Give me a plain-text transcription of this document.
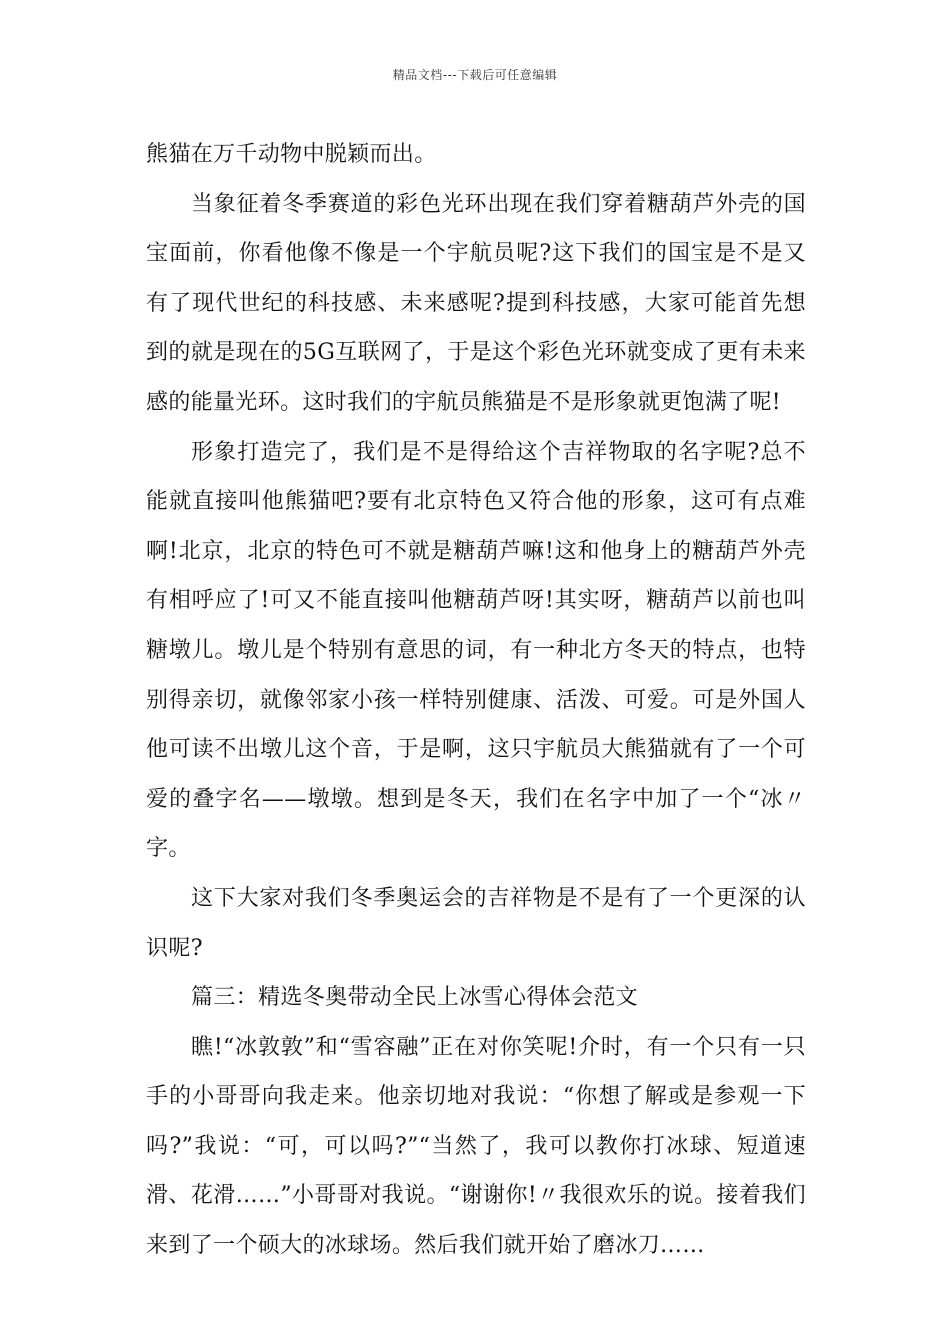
精品文档---下载后可任意编辑

熊猫在万千动物中脱颖而出。

当象征着冬季赛道的彩色光环出现在我们穿着糖葫芦外壳的国宝面前，你看他像不像是一个宇航员呢?这下我们的国宝是不是又有了现代世纪的科技感、未来感呢?提到科技感，大家可能首先想到的就是现在的5G互联网了，于是这个彩色光环就变成了更有未来感的能量光环。这时我们的宇航员熊猫是不是形象就更饱满了呢!

形象打造完了，我们是不是得给这个吉祥物取的名字呢?总不能就直接叫他熊猫吧?要有北京特色又符合他的形象，这可有点难啊!北京，北京的特色可不就是糖葫芦嘛!这和他身上的糖葫芦外壳有相呼应了!可又不能直接叫他糖葫芦呀!其实呀，糖葫芦以前也叫糖墩儿。墩儿是个特别有意思的词，有一种北方冬天的特点，也特别得亲切，就像邻家小孩一样特别健康、活泼、可爱。可是外国人他可读不出墩儿这个音，于是啊，这只宇航员大熊猫就有了一个可爱的叠字名——墩墩。想到是冬天，我们在名字中加了一个“冰〃字。

这下大家对我们冬季奥运会的吉祥物是不是有了一个更深的认识呢?

篇三：精选冬奥带动全民上冰雪心得体会范文

瞧!“冰敦敦”和“雪容融”正在对你笑呢!介时，有一个只有一只手的小哥哥向我走来。他亲切地对我说：“你想了解或是参观一下吗?”我说：“可，可以吗?”“当然了，我可以教你打冰球、短道速滑、花滑……”小哥哥对我说。“谢谢你!〃我很欢乐的说。接着我们来到了一个硕大的冰球场。然后我们就开始了磨冰刀……
